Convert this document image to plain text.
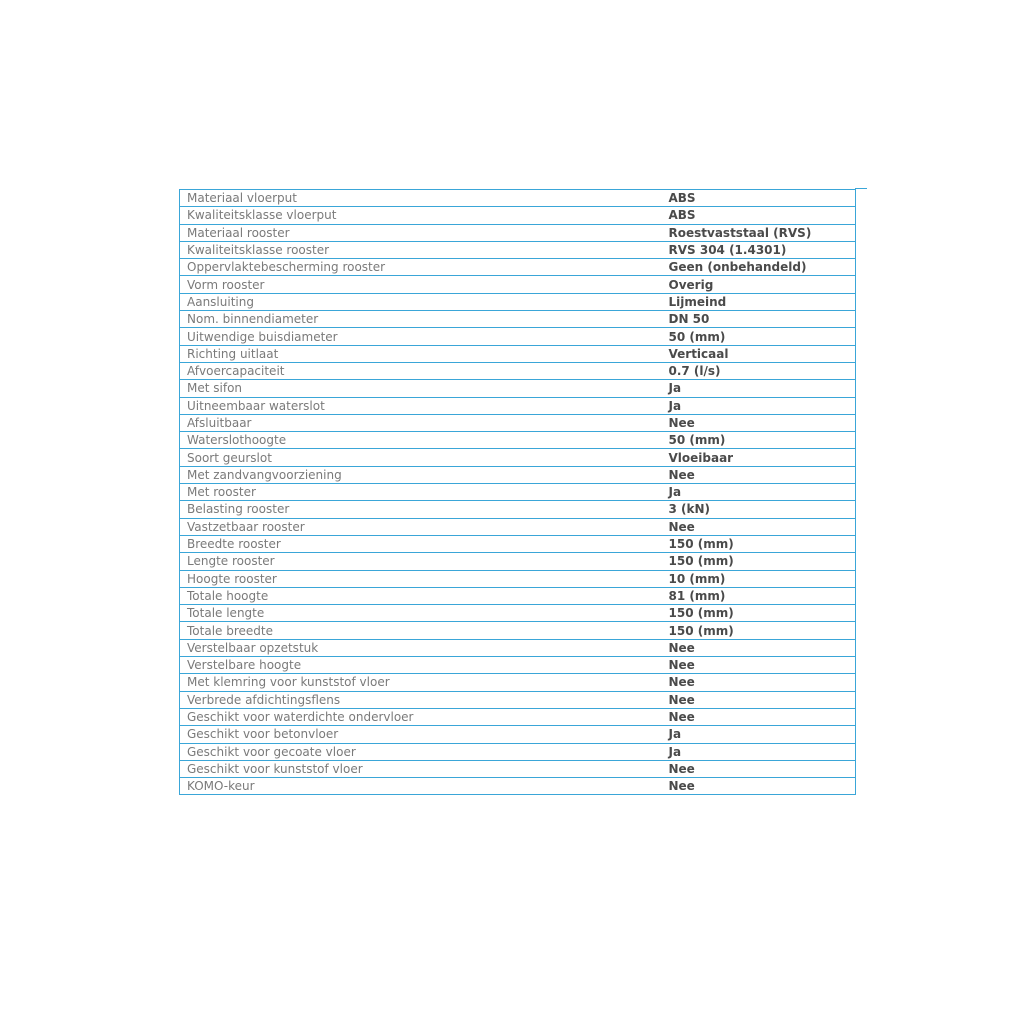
Materiaal vloerput	ABS
Kwaliteitsklasse vloerput	ABS
Materiaal rooster	Roestvaststaal (RVS)
Kwaliteitsklasse rooster	RVS 304 (1.4301)
Oppervlaktebescherming rooster	Geen (onbehandeld)
Vorm rooster	Overig
Aansluiting	Lijmeind
Nom. binnendiameter	DN 50
Uitwendige buisdiameter	50 (mm)
Richting uitlaat	Verticaal
Afvoercapaciteit	0.7 (l/s)
Met sifon	Ja
Uitneembaar waterslot	Ja
Afsluitbaar	Nee
Waterslothoogte	50 (mm)
Soort geurslot	Vloeibaar
Met zandvangvoorziening	Nee
Met rooster	Ja
Belasting rooster	3 (kN)
Vastzetbaar rooster	Nee
Breedte rooster	150 (mm)
Lengte rooster	150 (mm)
Hoogte rooster	10 (mm)
Totale hoogte	81 (mm)
Totale lengte	150 (mm)
Totale breedte	150 (mm)
Verstelbaar opzetstuk	Nee
Verstelbare hoogte	Nee
Met klemring voor kunststof vloer	Nee
Verbrede afdichtingsflens	Nee
Geschikt voor waterdichte ondervloer	Nee
Geschikt voor betonvloer	Ja
Geschikt voor gecoate vloer	Ja
Geschikt voor kunststof vloer	Nee
KOMO-keur	Nee
